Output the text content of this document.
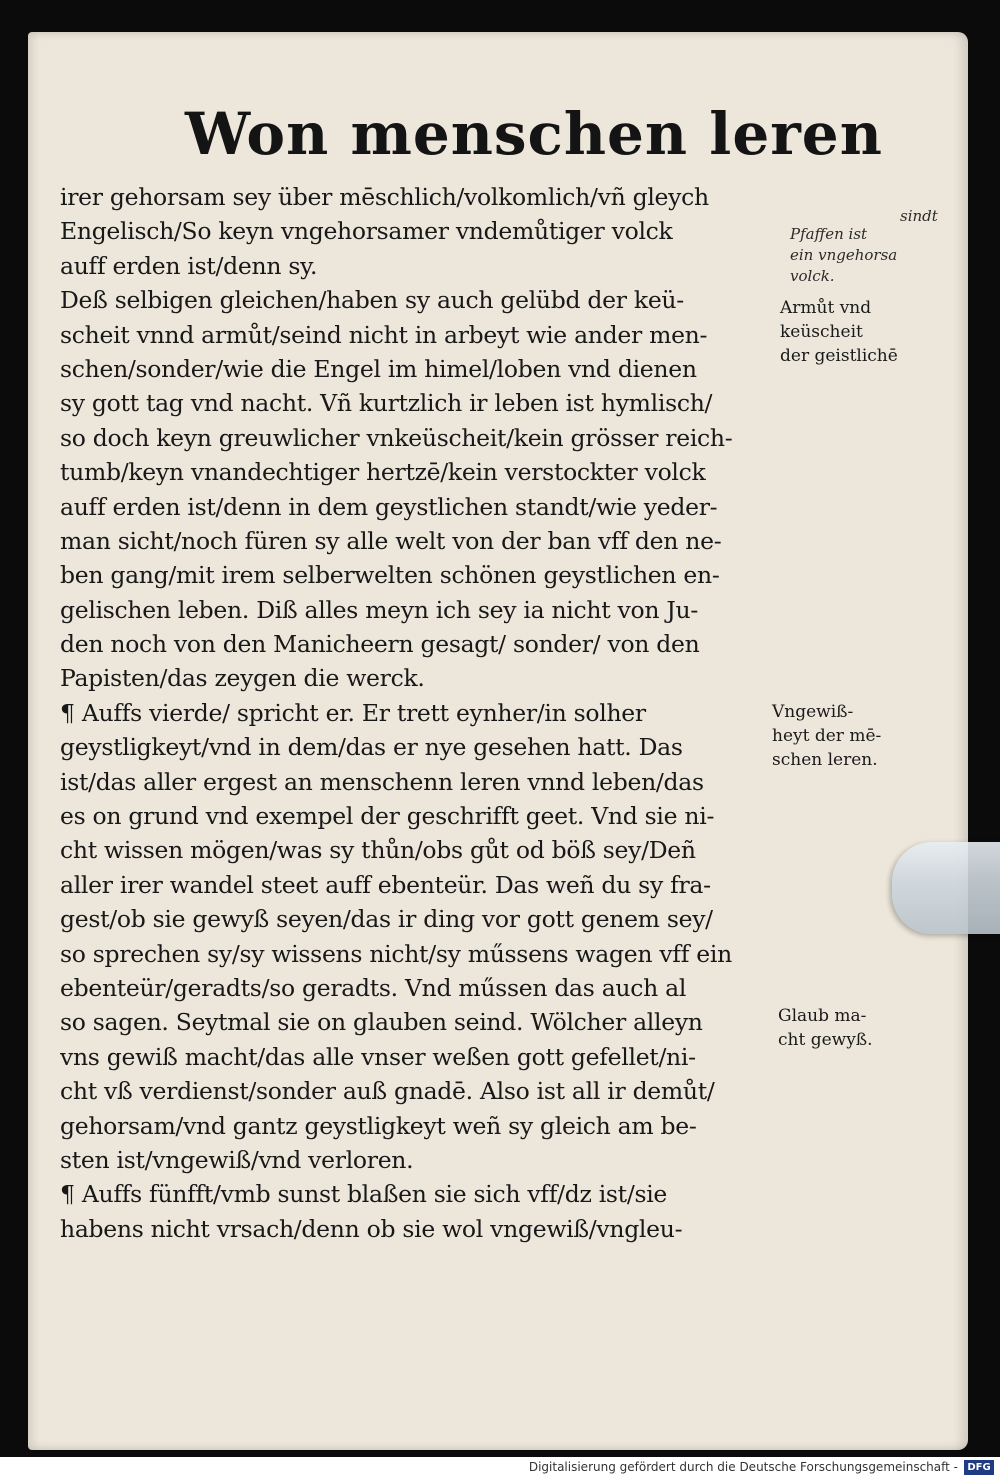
Won menschen leren
irer gehorsam sey über mēschlich/volkomlich/vñ gleych
Engelisch/So keyn vngehorsamer vndemůtiger volck
auff erden ist/denn sy.
Deß selbigen gleichen/haben sy auch gelübd der keü-
scheit vnnd armůt/seind nicht in arbeyt wie ander men-
schen/sonder/wie die Engel im himel/loben vnd dienen
sy gott tag vnd nacht. Vñ kurtzlich ir leben ist hymlisch/
so doch keyn greuwlicher vnkeüscheit/kein grösser reich-
tumb/keyn vnandechtiger hertzē/kein verstockter volck
auff erden ist/denn in dem geystlichen standt/wie yeder-
man sicht/noch füren sy alle welt von der ban vff den ne-
ben gang/mit irem selberwelten schönen geystlichen en-
gelischen leben. Diß alles meyn ich sey ia nicht von Ju-
den noch von den Manicheern gesagt/ sonder/ von den
Papisten/das zeygen die werck.
¶ Auffs vierde/ spricht er. Er trett eynher/in solher
geystligkeyt/vnd in dem/das er nye gesehen hatt. Das
ist/das aller ergest an menschenn leren vnnd leben/das
es on grund vnd exempel der geschrifft geet. Vnd sie ni-
cht wissen mögen/was sy thůn/obs gůt od böß sey/Deñ
aller irer wandel steet auff ebenteür. Das weñ du sy fra-
gest/ob sie gewyß seyen/das ir ding vor gott genem sey/
so sprechen sy/sy wissens nicht/sy műssens wagen vff ein
ebenteür/geradts/so geradts. Vnd műssen das auch al
so sagen. Seytmal sie on glauben seind. Wölcher alleyn
vns gewiß macht/das alle vnser weßen gott gefellet/ni-
cht vß verdienst/sonder auß gnadē. Also ist all ir demůt/
gehorsam/vnd gantz geystligkeyt weñ sy gleich am be-
sten ist/vngewiß/vnd verloren.
¶ Auffs fünfft/vmb sunst blaßen sie sich vff/dz ist/sie
habens nicht vrsach/denn ob sie wol vngewiß/vngleu-
sindt
Pfaffen ist
ein vngehorsa
volck.
Armůt vnd
keüscheit
der geistlichē
Vngewiß-
heyt der mē-
schen leren.
Glaub ma-
cht gewyß.
Digitalisierung gefördert durch die Deutsche Forschungsgemeinschaft - DFG
